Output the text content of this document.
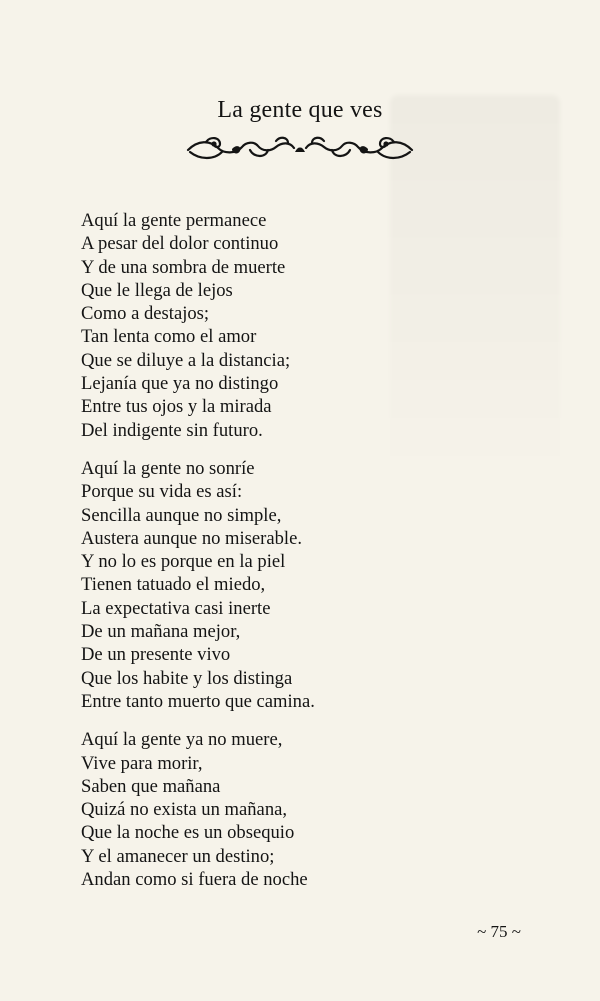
La gente que ves
Aquí la gente permanece
A pesar del dolor continuo
Y de una sombra de muerte
Que le llega de lejos
Como a destajos;
Tan lenta como el amor
Que se diluye a la distancia;
Lejanía que ya no distingo
Entre tus ojos y la mirada
Del indigente sin futuro.
Aquí la gente no sonríe
Porque su vida es así:
Sencilla aunque no simple,
Austera aunque no miserable.
Y no lo es porque en la piel
Tienen tatuado el miedo,
La expectativa casi inerte
De un mañana mejor,
De un presente vivo
Que los habite y los distinga
Entre tanto muerto que camina.
Aquí la gente ya no muere,
Vive para morir,
Saben que mañana
Quizá no exista un mañana,
Que la noche es un obsequio
Y el amanecer un destino;
Andan como si fuera de noche
~ 75 ~
